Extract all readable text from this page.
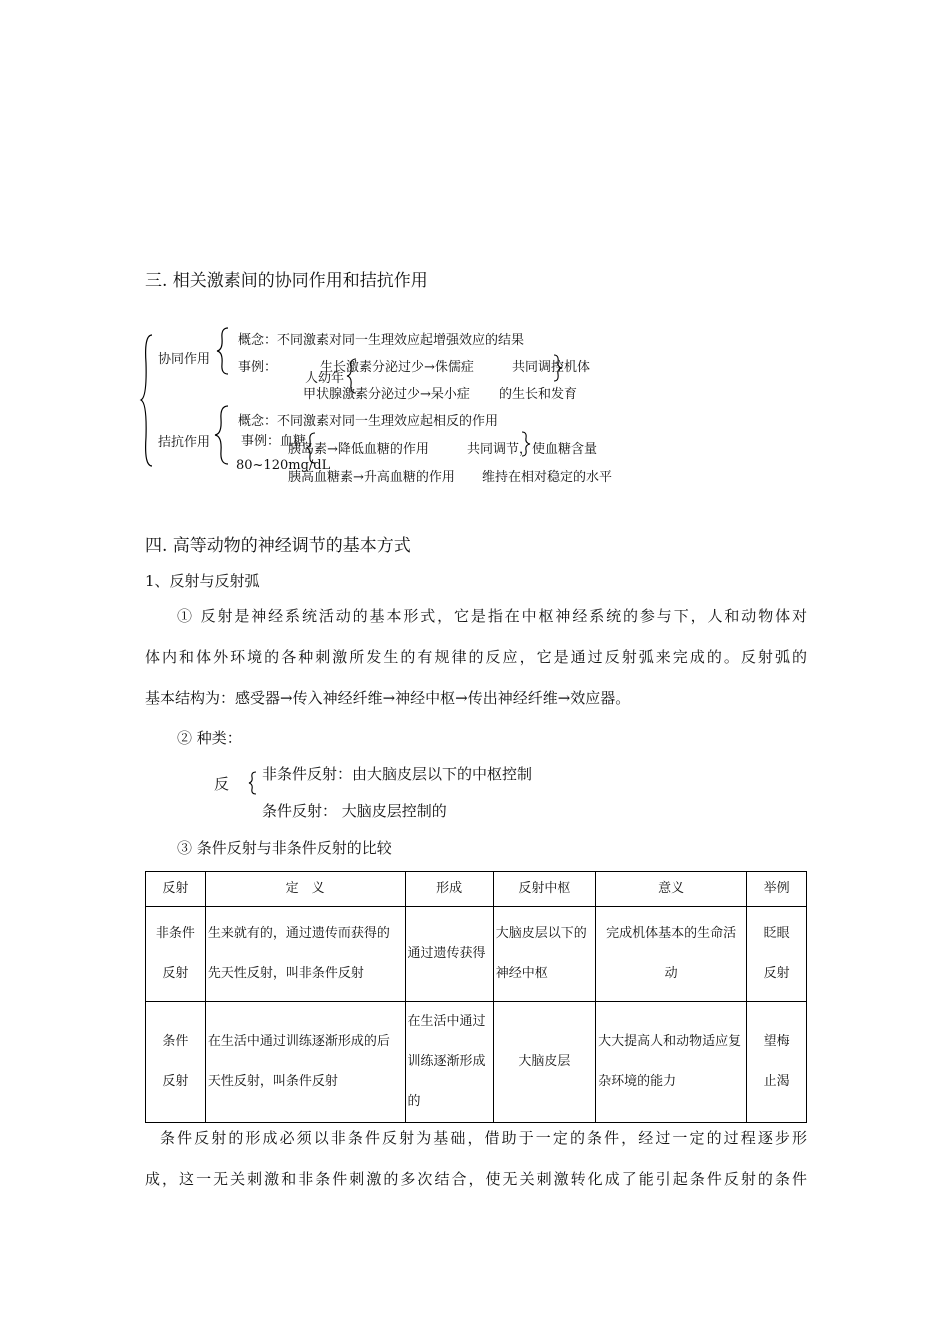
三. 相关激素间的协同作用和拮抗作用
协同作用
概念：不同激素对同一生理效应起增强效应的结果
事例：
人幼年
生长激素分泌过少→侏儒症
甲状腺激素分泌过少→呆小症
共同调控机体
的生长和发育
拮抗作用
概念：不同激素对同一生理效应起相反的作用
事例：血糖
80~120mg/dL
胰岛素→降低血糖的作用
胰高血糖素→升高血糖的作用
共同调节，使血糖含量
维持在相对稳定的水平
四. 高等动物的神经调节的基本方式
1、反射与反射弧
① 反射是神经系统活动的基本形式，它是指在中枢神经系统的参与下，人和动物体对
体内和体外环境的各种刺激所发生的有规律的反应，它是通过反射弧来完成的。反射弧的
基本结构为：感受器→传入神经纤维→神经中枢→传出神经纤维→效应器。
② 种类：
反
非条件反射：由大脑皮层以下的中枢控制
条件反射： 大脑皮层控制的
③ 条件反射与非条件反射的比较
反射	定　义	形成	反射中枢	意义	举例
非条件反射	生来就有的，通过遗传而获得的先天性反射，叫非条件反射	通过遗传获得	大脑皮层以下的神经中枢	完成机体基本的生命活动	眨眼反射
条件反射	在生活中通过训练逐渐形成的后天性反射，叫条件反射	在生活中通过训练逐渐形成的	大脑皮层	大大提高人和动物适应复杂环境的能力	望梅止渴
条件反射的形成必须以非条件反射为基础，借助于一定的条件，经过一定的过程逐步形
成，这一无关刺激和非条件刺激的多次结合，使无关刺激转化成了能引起条件反射的条件
